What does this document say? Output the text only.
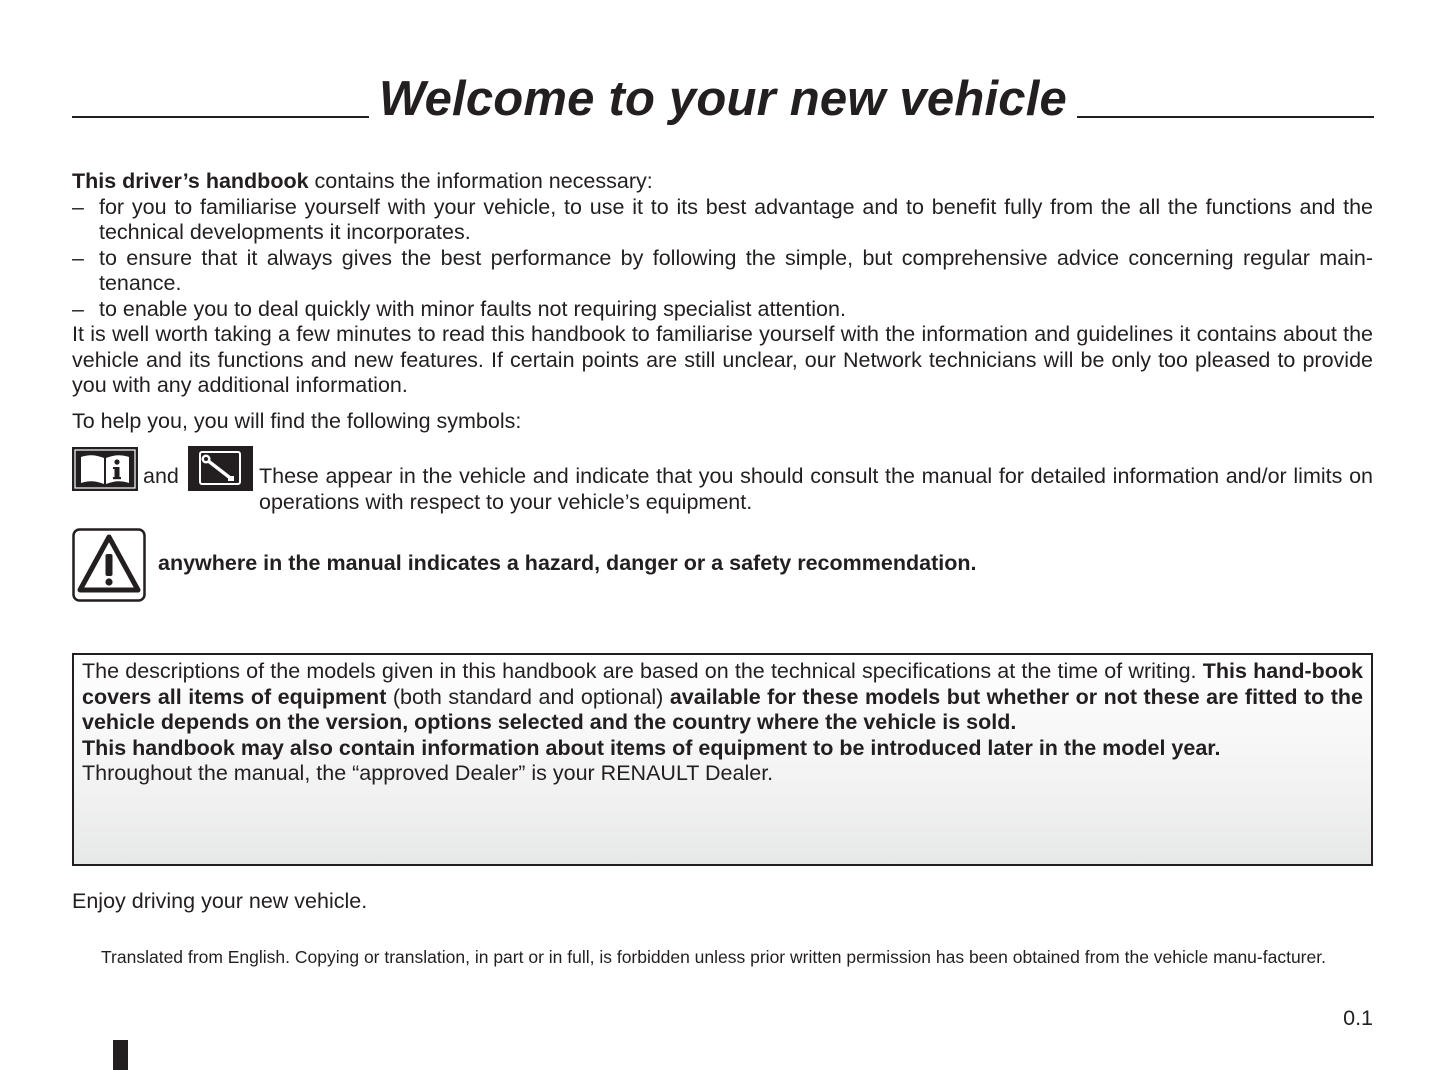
Welcome to your new vehicle

This driver’s handbook contains the information necessary:

– for you to familiarise yourself with your vehicle, to use it to its best advantage and to benefit fully from the all the functions and the technical developments it incorporates.

– to ensure that it always gives the best performance by following the simple, but comprehensive advice concerning regular main-tenance.

– to enable you to deal quickly with minor faults not requiring specialist attention.

It is well worth taking a few minutes to read this handbook to familiarise yourself with the information and guidelines it contains about the vehicle and its functions and new features. If certain points are still unclear, our Network technicians will be only too pleased to provide you with any additional information.

To help you, you will find the following symbols:

and	These appear in the vehicle and indicate that you should consult the manual for detailed information and/or limits on operations with respect to your vehicle’s equipment.
anywhere in the manual indicates a hazard, danger or a safety recommendation.
The descriptions of the models given in this handbook are based on the technical specifications at the time of writing. This hand-book covers all items of equipment (both standard and optional) available for these models but whether or not these are fitted to the vehicle depends on the version, options selected and the country where the vehicle is sold.
This handbook may also contain information about items of equipment to be introduced later in the model year.
Throughout the manual, the “approved Dealer” is your RENAULT Dealer.
Enjoy driving your new vehicle.
Translated from English. Copying or translation, in part or in full, is forbidden unless prior written permission has been obtained from the vehicle manu-facturer.
0.1
